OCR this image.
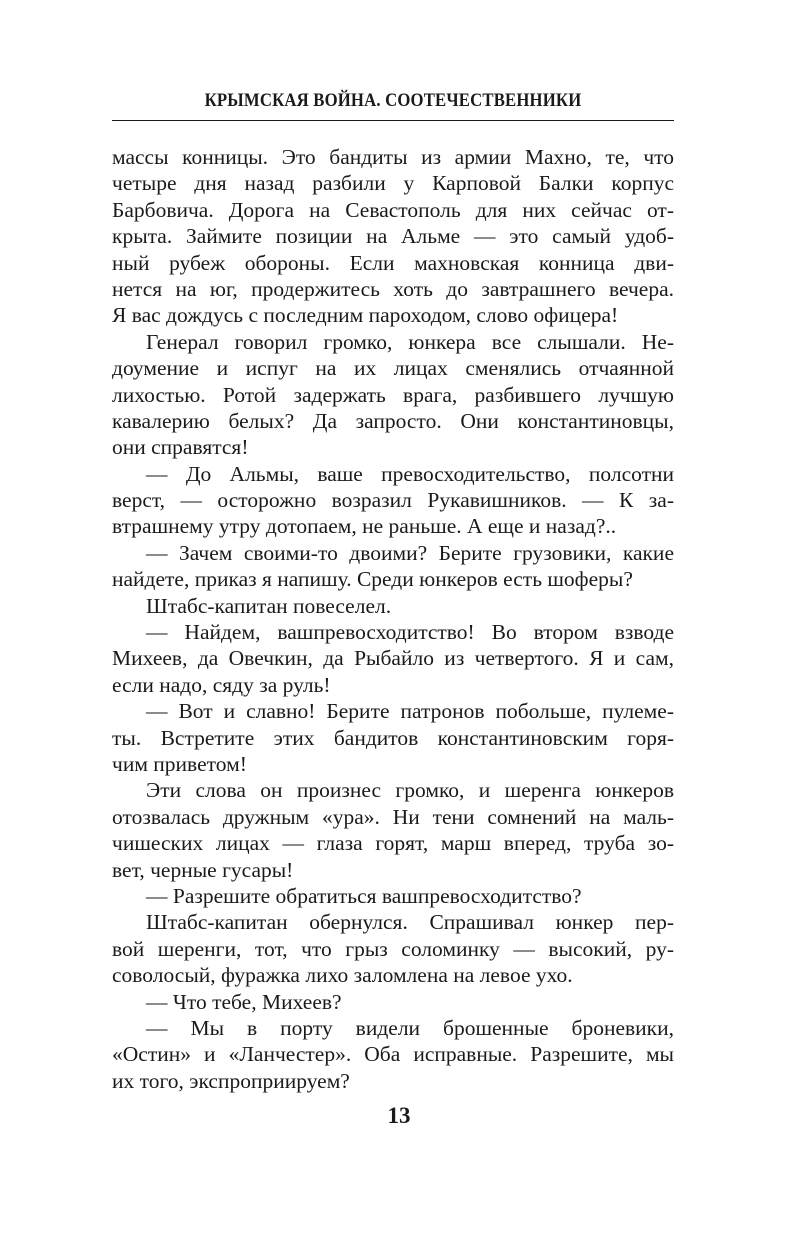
КРЫМСКАЯ ВОЙНА. СООТЕЧЕСТВЕННИКИ
массы конницы. Это бандиты из армии Махно, те, что
четыре дня назад разбили у Карповой Балки корпус
Барбовича. Дорога на Севастополь для них сейчас от-
крыта. Займите позиции на Альме — это самый удоб-
ный рубеж обороны. Если махновская конница дви-
нется на юг, продержитесь хоть до завтрашнего вечера.
Я вас дождусь с последним пароходом, слово офицера!
Генерал говорил громко, юнкера все слышали. Не-
доумение и испуг на их лицах сменялись отчаянной
лихостью. Ротой задержать врага, разбившего лучшую
кавалерию белых? Да запросто. Они константиновцы,
они справятся!
— До Альмы, ваше превосходительство, полсотни
верст, — осторожно возразил Рукавишников. — К за-
втрашнему утру дотопаем, не раньше. А еще и назад?..
— Зачем своими-то двоими? Берите грузовики, какие
найдете, приказ я напишу. Среди юнкеров есть шоферы?
Штабс-капитан повеселел.
— Найдем, вашпревосходитство! Во втором взводе
Михеев, да Овечкин, да Рыбайло из четвертого. Я и сам,
если надо, сяду за руль!
— Вот и славно! Берите патронов побольше, пулеме-
ты. Встретите этих бандитов константиновским горя-
чим приветом!
Эти слова он произнес громко, и шеренга юнкеров
отозвалась дружным «ура». Ни тени сомнений на маль-
чишеских лицах — глаза горят, марш вперед, труба зо-
вет, черные гусары!
— Разрешите обратиться вашпревосходитство?
Штабс-капитан обернулся. Спрашивал юнкер пер-
вой шеренги, тот, что грыз соломинку — высокий, ру-
соволосый, фуражка лихо заломлена на левое ухо.
— Что тебе, Михеев?
— Мы в порту видели брошенные броневики,
«Остин» и «Ланчестер». Оба исправные. Разрешите, мы
их того, экспроприируем?
13
